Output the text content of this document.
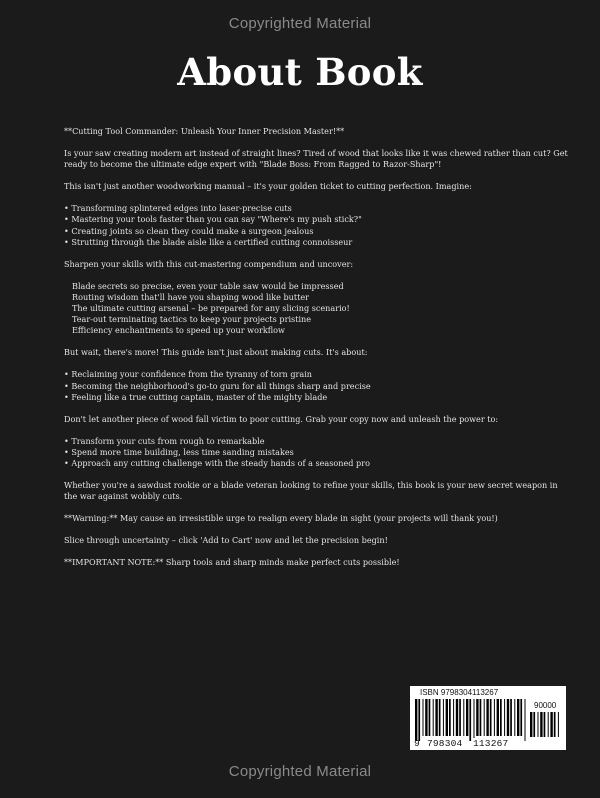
Copyrighted Material
About Book

**Cutting Tool Commander: Unleash Your Inner Precision Master!**

Is your saw creating modern art instead of straight lines? Tired of wood that looks like it was chewed rather than cut? Get ready to become the ultimate edge expert with "Blade Boss: From Ragged to Razor-Sharp"!

This isn't just another woodworking manual – it's your golden ticket to cutting perfection. Imagine:

• Transforming splintered edges into laser-precise cuts
• Mastering your tools faster than you can say "Where's my push stick?"
• Creating joints so clean they could make a surgeon jealous
• Strutting through the blade aisle like a certified cutting connoisseur

Sharpen your skills with this cut-mastering compendium and uncover:

Blade secrets so precise, even your table saw would be impressed
Routing wisdom that'll have you shaping wood like butter
The ultimate cutting arsenal – be prepared for any slicing scenario!
Tear-out terminating tactics to keep your projects pristine
Efficiency enchantments to speed up your workflow

But wait, there's more! This guide isn't just about making cuts. It's about:

• Reclaiming your confidence from the tyranny of torn grain
• Becoming the neighborhood's go-to guru for all things sharp and precise
• Feeling like a true cutting captain, master of the mighty blade

Don't let another piece of wood fall victim to poor cutting. Grab your copy now and unleash the power to:

• Transform your cuts from rough to remarkable
• Spend more time building, less time sanding mistakes
• Approach any cutting challenge with the steady hands of a seasoned pro

Whether you're a sawdust rookie or a blade veteran looking to refine your skills, this book is your new secret weapon in the war against wobbly cuts.

**Warning:** May cause an irresistible urge to realign every blade in sight (your projects will thank you!)

Slice through uncertainty – click 'Add to Cart' now and let the precision begin!

**IMPORTANT NOTE:** Sharp tools and sharp minds make perfect cuts possible!

ISBN 9798304113267
90000
9 798304 113267
Copyrighted Material
